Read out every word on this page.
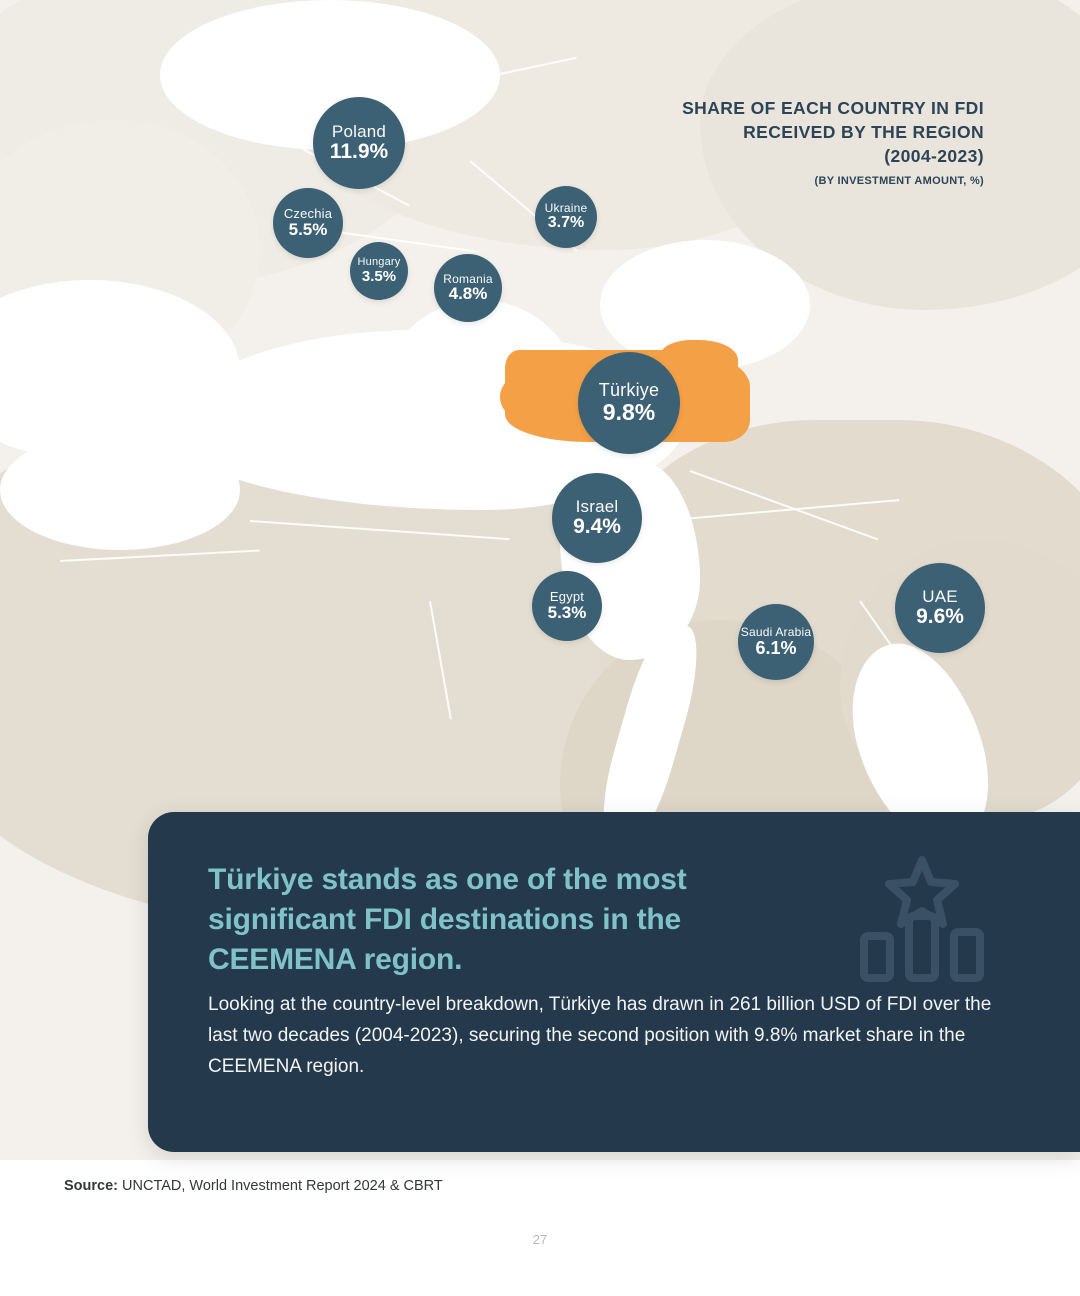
Poland
11.9%
Czechia
5.5%
Ukraine
3.7%
Hungary
3.5%	Romania
4.8%
Türkiye
9.8%
Israel
9.4%
Egypt
5.3%
Saudi Arabia
6.1%
UAE
9.6%
SHARE OF EACH COUNTRY IN FDI
RECEIVED BY THE REGION
(2004-2023)
(BY INVESTMENT AMOUNT, %)
Türkiye stands as one of the most significant FDI destinations in the CEEMENA region.
Looking at the country-level breakdown, Türkiye has drawn in 261 billion USD of FDI over the last two decades (2004-2023), securing the second position with 9.8% market share in the CEEMENA region.
Source: UNCTAD, World Investment Report 2024 & CBRT
27
